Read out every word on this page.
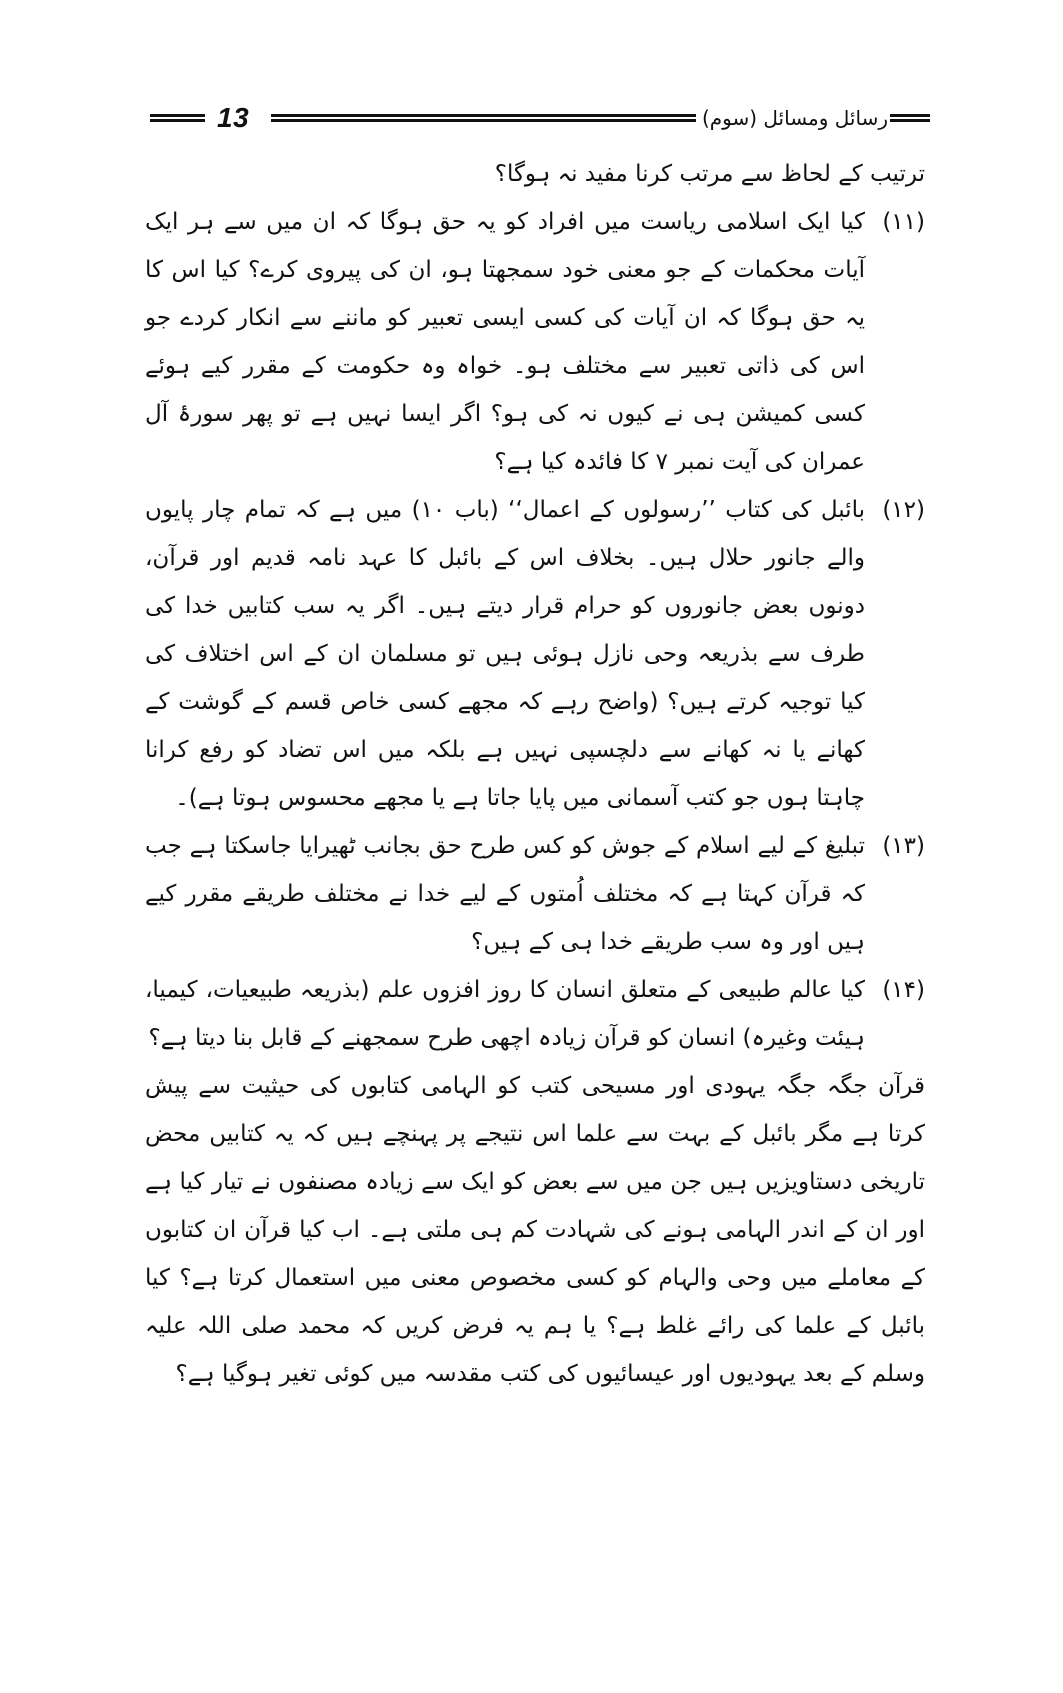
13	رسائل ومسائل (سوم)

ترتیب کے لحاظ سے مرتب کرنا مفید نہ ہوگا؟

(۱۱)
کیا ایک اسلامی ریاست میں افراد کو یہ حق ہوگا کہ ان میں سے ہر ایک آیات محکمات کے جو معنی خود سمجھتا ہو، ان کی پیروی کرے؟ کیا اس کا یہ حق ہوگا کہ ان آیات کی کسی ایسی تعبیر کو ماننے سے انکار کردے جو اس کی ذاتی تعبیر سے مختلف ہو۔ خواہ وہ حکومت کے مقرر کیے ہوئے کسی کمیشن ہی نے کیوں نہ کی ہو؟ اگر ایسا نہیں ہے تو پھر سورۂ آل عمران کی آیت نمبر ۷ کا فائدہ کیا ہے؟
(۱۲)
بائبل کی کتاب ’’رسولوں کے اعمال‘‘ (باب ۱۰) میں ہے کہ تمام چار پایوں والے جانور حلال ہیں۔ بخلاف اس کے بائبل کا عہد نامہ قدیم اور قرآن، دونوں بعض جانوروں کو حرام قرار دیتے ہیں۔ اگر یہ سب کتابیں خدا کی طرف سے بذریعہ وحی نازل ہوئی ہیں تو مسلمان ان کے اس اختلاف کی کیا توجیہ کرتے ہیں؟ (واضح رہے کہ مجھے کسی خاص قسم کے گوشت کے کھانے یا نہ کھانے سے دلچسپی نہیں ہے بلکہ میں اس تضاد کو رفع کرانا چاہتا ہوں جو کتب آسمانی میں پایا جاتا ہے یا مجھے محسوس ہوتا ہے)۔
(۱۳)
تبلیغ کے لیے اسلام کے جوش کو کس طرح حق بجانب ٹھیرایا جاسکتا ہے جب کہ قرآن کہتا ہے کہ مختلف اُمتوں کے لیے خدا نے مختلف طریقے مقرر کیے ہیں اور وہ سب طریقے خدا ہی کے ہیں؟
(۱۴)
کیا عالم طبیعی کے متعلق انسان کا روز افزوں علم (بذریعہ طبیعیات، کیمیا، ہیئت وغیرہ) انسان کو قرآن زیادہ اچھی طرح سمجھنے کے قابل بنا دیتا ہے؟

قرآن جگہ جگہ یہودی اور مسیحی کتب کو الہامی کتابوں کی حیثیت سے پیش کرتا ہے مگر بائبل کے بہت سے علما اس نتیجے پر پہنچے ہیں کہ یہ کتابیں محض تاریخی دستاویزیں ہیں جن میں سے بعض کو ایک سے زیادہ مصنفوں نے تیار کیا ہے اور ان کے اندر الہامی ہونے کی شہادت کم ہی ملتی ہے۔ اب کیا قرآن ان کتابوں کے معاملے میں وحی والہام کو کسی مخصوص معنی میں استعمال کرتا ہے؟ کیا بائبل کے علما کی رائے غلط ہے؟ یا ہم یہ فرض کریں کہ محمد صلی اللہ علیہ وسلم کے بعد یہودیوں اور عیسائیوں کی کتب مقدسہ میں کوئی تغیر ہوگیا ہے؟
